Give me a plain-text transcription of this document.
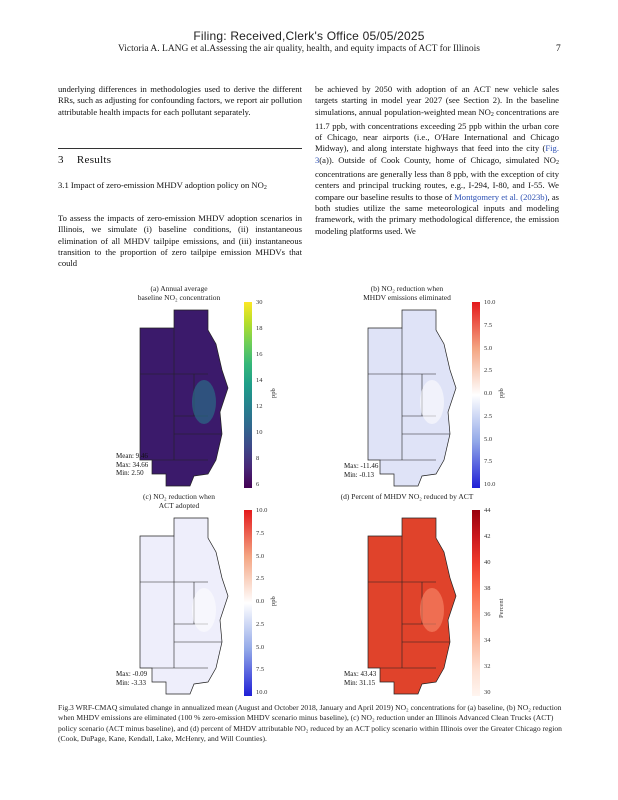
Filing: Received,Clerk's Office 05/05/2025
Victoria A. LANG et al.Assessing the air quality, health, and equity impacts of ACT for Illinois	7

underlying differences in methodologies used to derive the different RRs, such as adjusting for confounding factors, we report air pollution attributable health impacts for each pollutant separately.

3 Results
3.1 Impact of zero-emission MHDV adoption policy on NO2

To assess the impacts of zero-emission MHDV adoption scenarios in Illinois, we simulate (i) baseline conditions, (ii) instantaneous elimination of all MHDV tailpipe emissions, and (iii) instantaneous transition to the proportion of zero tailpipe emission MHDVs that could

be achieved by 2050 with adoption of an ACT new vehicle sales targets starting in model year 2027 (see Section 2). In the baseline simulations, annual population-weighted mean NO2 concentrations are 11.7 ppb, with concentrations exceeding 25 ppb within the urban core of Chicago, near airports (i.e., O'Hare International and Chicago Midway), and along interstate highways that feed into the city (Fig. 3(a)). Outside of Cook County, home of Chicago, simulated NO2 concentrations are generally less than 8 ppb, with the exception of city centers and principal trucking routes, e.g., I-294, I-80, and I-55. We compare our baseline results to those of Montgomery et al. (2023b), as both studies utilize the same meteorological inputs and modeling framework, with the primary methodological difference, the emission modeling platforms used. We

(a) Annual average
baseline NO₂ concentration
Mean: 9.46
Max: 34.66
Min: 2.50
30
18
16
14
12
10
8
6
ppb
(b) NO₂ reduction when
MHDV emissions eliminated
Max: -11.46
Min: -0.13
10.0
7.5
5.0
2.5
0.0
2.5
5.0
7.5
10.0
ppb
(c) NO₂ reduction when
ACT adopted
Max: -0.09
Min: -3.33
10.0
7.5
5.0
2.5
0.0
2.5
5.0
7.5
10.0
ppb
(d) Percent of MHDV NO₂ reduced by ACT
Max: 43.43
Min: 31.15
44
42
40
38
36
34
32
30
Percent
Fig.3 WRF-CMAQ simulated change in annualized mean (August and October 2018, January and April 2019) NO₂ concentrations for (a) baseline, (b) NO₂ reduction when MHDV emissions are eliminated (100 % zero-emission MHDV scenario minus baseline), (c) NO₂ reduction under an Illinois Advanced Clean Trucks (ACT) policy scenario (ACT minus baseline), and (d) percent of MHDV attributable NO₂ reduced by an ACT policy scenario within Illinois over the Greater Chicago region (Cook, DuPage, Kane, Kendall, Lake, McHenry, and Will Counties).
